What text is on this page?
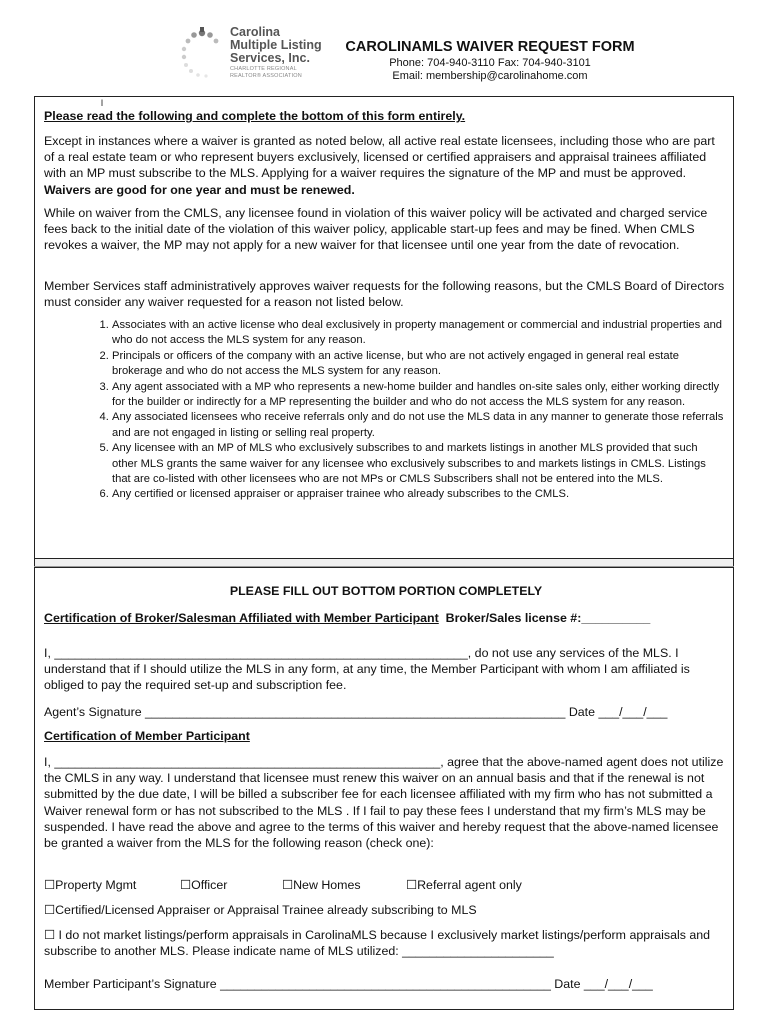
Carolina
Multiple Listing
Services, Inc.
CHARLOTTE REGIONAL
REALTOR® ASSOCIATION
CAROLINAMLS WAIVER REQUEST FORM
Phone: 704-940-3110 Fax: 704-940-3101
Email: membership@carolinahome.com
l
Please read the following and complete the bottom of this form entirely.
Except in instances where a waiver is granted as noted below, all active real estate licensees, including those who are part of a real estate team or who represent buyers exclusively, licensed or certified appraisers and appraisal trainees affiliated with an MP must subscribe to the MLS. Applying for a waiver requires the signature of the MP and must be approved. Waivers are good for one year and must be renewed.
While on waiver from the CMLS, any licensee found in violation of this waiver policy will be activated and charged service fees back to the initial date of the violation of this waiver policy, applicable start-up fees and may be fined. When CMLS revokes a waiver, the MP may not apply for a new waiver for that licensee until one year from the date of revocation.
Member Services staff administratively approves waiver requests for the following reasons, but the CMLS Board of Directors must consider any waiver requested for a reason not listed below.
1. Associates with an active license who deal exclusively in property management or commercial and industrial properties and who do not access the MLS system for any reason.
2. Principals or officers of the company with an active license, but who are not actively engaged in general real estate brokerage and who do not access the MLS system for any reason.
3. Any agent associated with a MP who represents a new-home builder and handles on-site sales only, either working directly for the builder or indirectly for a MP representing the builder and who do not access the MLS system for any reason.
4. Any associated licensees who receive referrals only and do not use the MLS data in any manner to generate those referrals and are not engaged in listing or selling real property.
5. Any licensee with an MP of MLS who exclusively subscribes to and markets listings in another MLS provided that such other MLS grants the same waiver for any licensee who exclusively subscribes to and markets listings in CMLS. Listings that are co-listed with other licensees who are not MPs or CMLS Subscribers shall not be entered into the MLS.
6. Any certified or licensed appraiser or appraiser trainee who already subscribes to the CMLS.
PLEASE FILL OUT BOTTOM PORTION COMPLETELY
Certification of Broker/Salesman Affiliated with Member Participant Broker/Sales license #:__________
I, ____________________________________________________________, do not use any services of the MLS. I understand that if I should utilize the MLS in any form, at any time, the Member Participant with whom I am affiliated is obliged to pay the required set-up and subscription fee.
Agent’s Signature _____________________________________________________________ Date ___/___/___
Certification of Member Participant
I, ________________________________________________________, agree that the above-named agent does not utilize the CMLS in any way. I understand that licensee must renew this waiver on an annual basis and that if the renewal is not submitted by the due date, I will be billed a subscriber fee for each licensee affiliated with my firm who has not submitted a Waiver renewal form or has not subscribed to the MLS . If I fail to pay these fees I understand that my firm’s MLS may be suspended. I have read the above and agree to the terms of this waiver and hereby request that the above-named licensee be granted a waiver from the MLS for the following reason (check one):
☐Property Mgmt	☐Officer	☐New Homes	☐Referral agent only
☐Certified/Licensed Appraiser or Appraisal Trainee already subscribing to MLS
☐ I do not market listings/perform appraisals in CarolinaMLS because I exclusively market listings/perform appraisals and subscribe to another MLS. Please indicate name of MLS utilized: ______________________
Member Participant’s Signature ________________________________________________ Date ___/___/___
